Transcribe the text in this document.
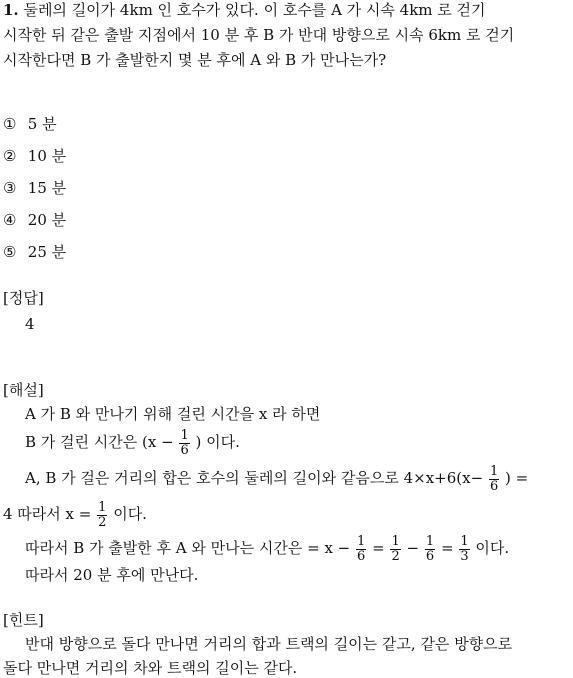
1. 둘레의 길이가 4km 인 호수가 있다. 이 호수를 A 가 시속 4km 로 걷기
시작한 뒤 같은 출발 지점에서 10 분 후 B 가 반대 방향으로 시속 6km 로 걷기
시작한다면 B 가 출발한지 몇 분 후에 A 와 B 가 만나는가?
① 5 분
② 10 분
③ 15 분
④ 20 분
⑤ 25 분
[정답]
4
[해설]
A 가 B 와 만나기 위해 걸린 시간을 x 라 하면
B 가 걸린 시간은 ($x - \frac{1}{6}$ ) 이다.
A, B 가 걸은 거리의 합은 호수의 둘레의 길이와 같음으로 $4\times x+6(x- \frac{1}{6}$ ) =
4 따라서 $x = \frac{1}{2}$ 이다.
따라서 B 가 출발한 후 A 와 만나는 시간은 = $x - \frac{1}{6} = \frac{1}{2} - \frac{1}{6} = \frac{1}{3}$ 이다.
따라서 20 분 후에 만난다.
[힌트]
반대 방향으로 돌다 만나면 거리의 합과 트랙의 길이는 같고, 같은 방향으로
돌다 만나면 거리의 차와 트랙의 길이는 같다.
